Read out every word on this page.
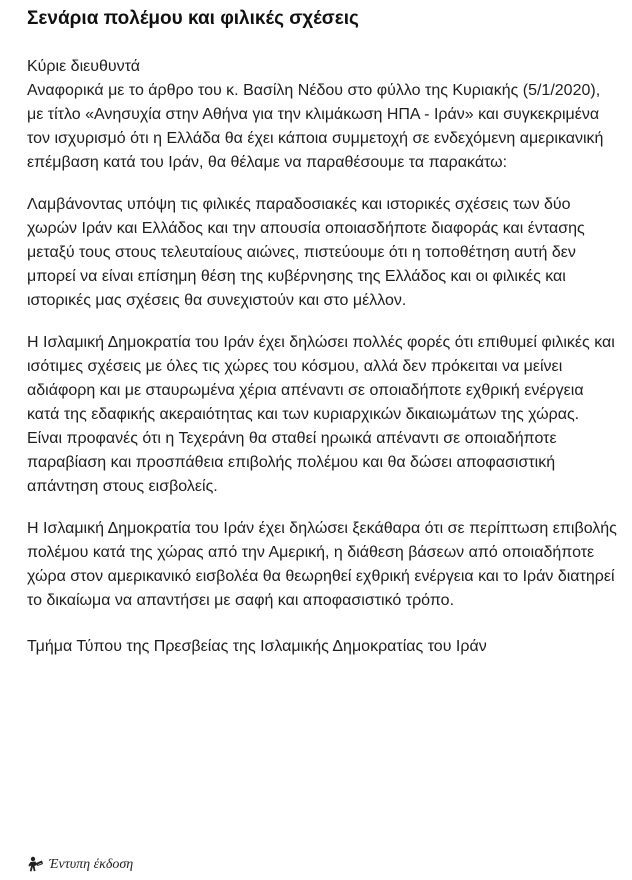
Σενάρια πολέμου και φιλικές σχέσεις

Κύριε διευθυντά

Αναφορικά με το άρθρο του κ. Βασίλη Νέδου στο φύλλο της Κυριακής (5/1/2020), με τίτλο «Ανησυχία στην Αθήνα για την κλιμάκωση ΗΠΑ - Ιράν» και συγκεκριμένα τον ισχυρισμό ότι η Ελλάδα θα έχει κάποια συμμετοχή σε ενδεχόμενη αμερικανική επέμβαση κατά του Ιράν, θα θέλαμε να παραθέσουμε τα παρακάτω:

Λαμβάνοντας υπόψη τις φιλικές παραδοσιακές και ιστορικές σχέσεις των δύο χωρών Ιράν και Ελλάδος και την απουσία οποιασδήποτε διαφοράς και έντασης μεταξύ τους στους τελευταίους αιώνες, πιστεύουμε ότι η τοποθέτηση αυτή δεν μπορεί να είναι επίσημη θέση της κυβέρνησης της Ελλάδος και οι φιλικές και ιστορικές μας σχέσεις θα συνεχιστούν και στο μέλλον.

Η Ισλαμική Δημοκρατία του Ιράν έχει δηλώσει πολλές φορές ότι επιθυμεί φιλικές και ισότιμες σχέσεις με όλες τις χώρες του κόσμου, αλλά δεν πρόκειται να μείνει αδιάφορη και με σταυρωμένα χέρια απέναντι σε οποιαδήποτε εχθρική ενέργεια κατά της εδαφικής ακεραιότητας και των κυριαρχικών δικαιωμάτων της χώρας. Είναι προφανές ότι η Τεχεράνη θα σταθεί ηρωικά απέναντι σε οποιαδήποτε παραβίαση και προσπάθεια επιβολής πολέμου και θα δώσει αποφασιστική απάντηση στους εισβολείς.

Η Ισλαμική Δημοκρατία του Ιράν έχει δηλώσει ξεκάθαρα ότι σε περίπτωση επιβολής πολέμου κατά της χώρας από την Αμερική, η διάθεση βάσεων από οποιαδήποτε χώρα στον αμερικανικό εισβολέα θα θεωρηθεί εχθρική ενέργεια και το Ιράν διατηρεί το δικαίωμα να απαντήσει με σαφή και αποφασιστικό τρόπο.

Τμήμα Τύπου της Πρεσβείας της Ισλαμικής Δημοκρατίας του Ιράν

Έντυπη έκδοση
